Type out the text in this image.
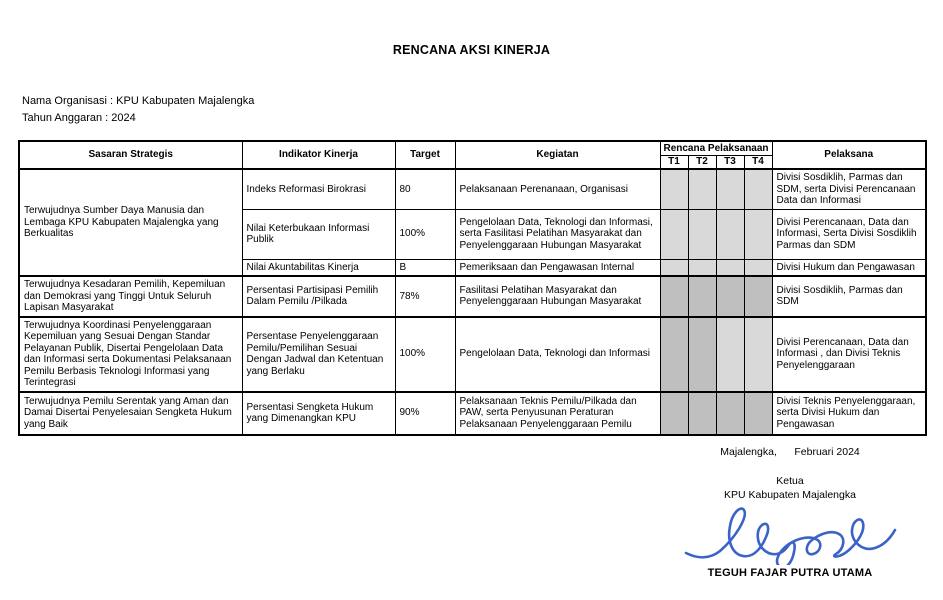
RENCANA AKSI KINERJA
Nama Organisasi : KPU Kabupaten Majalengka
Tahun Anggaran : 2024
Sasaran Strategis	Indikator Kinerja	Target	Kegiatan	Rencana Pelaksanaan				Pelaksana
				T1	T2	T3	T4	
Terwujudnya Sumber Daya Manusia dan Lembaga KPU Kabupaten Majalengka yang Berkualitas	Indeks Reformasi Birokrasi	80	Pelaksanaan Perenanaan, Organisasi					Divisi Sosdiklih, Parmas dan SDM, serta Divisi Perencanaan Data dan Informasi
	Nilai Keterbukaan Informasi Publik	100%	Pengelolaan Data, Teknologi dan Informasi, serta Fasilitasi Pelatihan Masyarakat dan Penyelenggaraan Hubungan Masyarakat					Divisi Perencanaan, Data dan Informasi, Serta Divisi Sosdiklih Parmas dan SDM
	Nilai Akuntabilitas Kinerja	B	Pemeriksaan dan Pengawasan Internal					Divisi Hukum dan Pengawasan
Terwujudnya Kesadaran Pemilih, Kepemiluan dan Demokrasi yang Tinggi Untuk Seluruh Lapisan Masyarakat	Persentasi Partisipasi Pemilih Dalam Pemilu /Pilkada	78%	Fasilitasi Pelatihan Masyarakat dan Penyelenggaraan Hubungan Masyarakat					Divisi Sosdiklih, Parmas dan SDM
Terwujudnya Koordinasi Penyelenggaraan Kepemiluan yang Sesuai Dengan Standar Pelayanan Publik, Disertai Pengelolaan Data dan Informasi serta Dokumentasi Pelaksanaan Pemilu Berbasis Teknologi Informasi yang Terintegrasi	Persentase Penyelenggaraan Pemilu/Pemilihan Sesuai Dengan Jadwal dan Ketentuan yang Berlaku	100%	Pengelolaan Data, Teknologi dan Informasi					Divisi Perencanaan, Data dan Informasi , dan Divisi Teknis Penyelenggaraan
Terwujudnya Pemilu Serentak yang Aman dan Damai Disertai Penyelesaian Sengketa Hukum yang Baik	Persentasi Sengketa Hukum yang Dimenangkan KPU	90%	Pelaksanaan Teknis Pemilu/Pilkada dan PAW, serta Penyusunan Peraturan Pelaksanaan Penyelenggaraan Pemilu					Divisi Teknis Penyelenggaraan, serta Divisi Hukum dan Pengawasan
Majalengka,      Februari 2024
Ketua
KPU Kabupaten Majalengka
TEGUH FAJAR PUTRA UTAMA
